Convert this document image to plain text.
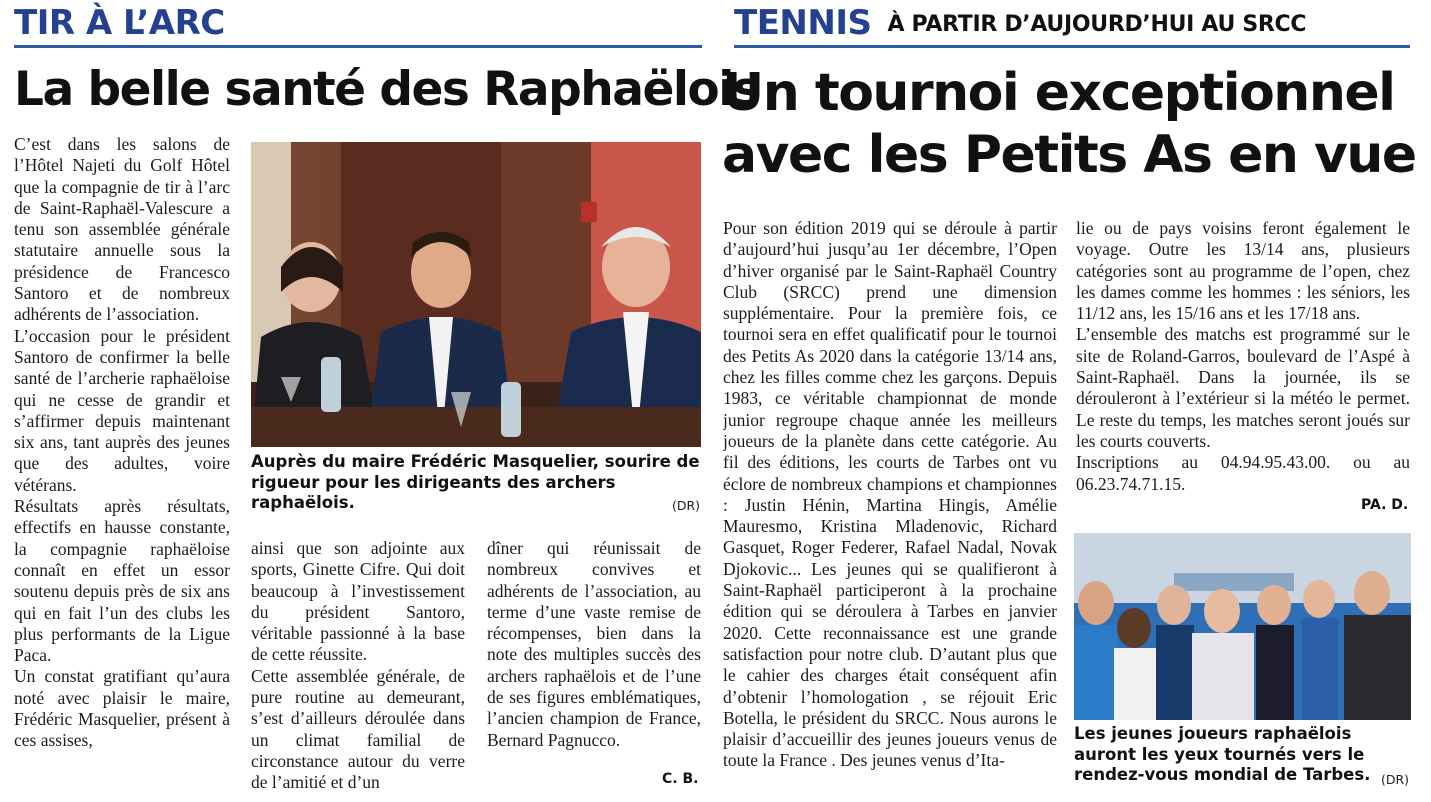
TIR À L’ARC
La belle santé des Raphaëlois
C’est dans les salons de l’Hôtel Najeti du Golf Hôtel que la compagnie de tir à l’arc de Saint-Raphaël-Valescure a tenu son assemblée générale statutaire annuelle sous la présidence de Francesco Santoro et de nombreux adhérents de l’association.
L’occasion pour le président Santoro de confirmer la belle santé de l’archerie raphaëloise qui ne cesse de grandir et s’affirmer depuis maintenant six ans, tant auprès des jeunes que des adultes, voire vétérans.
Résultats après résultats, effectifs en hausse constante, la compagnie raphaëloise connaît en effet un essor soutenu depuis près de six ans qui en fait l’un des clubs les plus performants de la Ligue Paca.
Un constat gratifiant qu’aura noté avec plaisir le maire, Frédéric Masquelier, présent à ces assises,
Auprès du maire Frédéric Masquelier, sourire de rigueur pour les dirigeants des archers raphaëlois.	(DR)
ainsi que son adjointe aux sports, Ginette Cifre. Qui doit beaucoup à l’investissement du président Santoro, véritable passionné à la base de cette réussite.
Cette assemblée générale, de pure routine au demeurant, s’est d’ailleurs déroulée dans un climat familial de circonstance autour du verre de l’amitié et d’un
dîner qui réunissait de nombreux convives et adhérents de l’association, au terme d’une vaste remise de récompenses, bien dans la note des multiples succès des archers raphaëlois et de l’une de ses figures emblématiques, l’ancien champion de France, Bernard Pagnucco.
C. B.
TENNIS À PARTIR D’AUJOURD’HUI AU SRCC
Un tournoi exceptionnel
avec les Petits As en vue
Pour son édition 2019 qui se déroule à partir d’aujourd’hui jusqu’au 1er décembre, l’Open d’hiver organisé par le Saint-Raphaël Country Club (SRCC) prend une dimension supplémentaire. Pour la première fois, ce tournoi sera en effet qualificatif pour le tournoi des Petits As 2020 dans la catégorie 13/14 ans, chez les filles comme chez les garçons. Depuis 1983, ce véritable championnat de monde junior regroupe chaque année les meilleurs joueurs de la planète dans cette catégorie. Au fil des éditions, les courts de Tarbes ont vu éclore de nombreux champions et championnes : Justin Hénin, Martina Hingis, Amélie Mauresmo, Kristina Mladenovic, Richard Gasquet, Roger Federer, Rafael Nadal, Novak Djokovic... Les jeunes qui se qualifieront à Saint-Raphaël participeront à la prochaine édition qui se déroulera à Tarbes en janvier 2020. Cette reconnaissance est une grande satisfaction pour notre club. D’autant plus que le cahier des charges était conséquent afin d’obtenir l’homologation , se réjouit Eric Botella, le président du SRCC. Nous aurons le plaisir d’accueillir des jeunes joueurs venus de toute la France . Des jeunes venus d’Ita-
lie ou de pays voisins feront également le voyage. Outre les 13/14 ans, plusieurs catégories sont au programme de l’open, chez les dames comme les hommes : les séniors, les 11/12 ans, les 15/16 ans et les 17/18 ans.
L’ensemble des matchs est programmé sur le site de Roland-Garros, boulevard de l’Aspé à Saint-Raphaël. Dans la journée, ils se dérouleront à l’extérieur si la météo le permet. Le reste du temps, les matches seront joués sur les courts couverts.
Inscriptions au 04.94.95.43.00. ou au 06.23.74.71.15.
PA. D.
Les jeunes joueurs raphaëlois auront les yeux tournés vers le rendez-vous mondial de Tarbes. (DR)
